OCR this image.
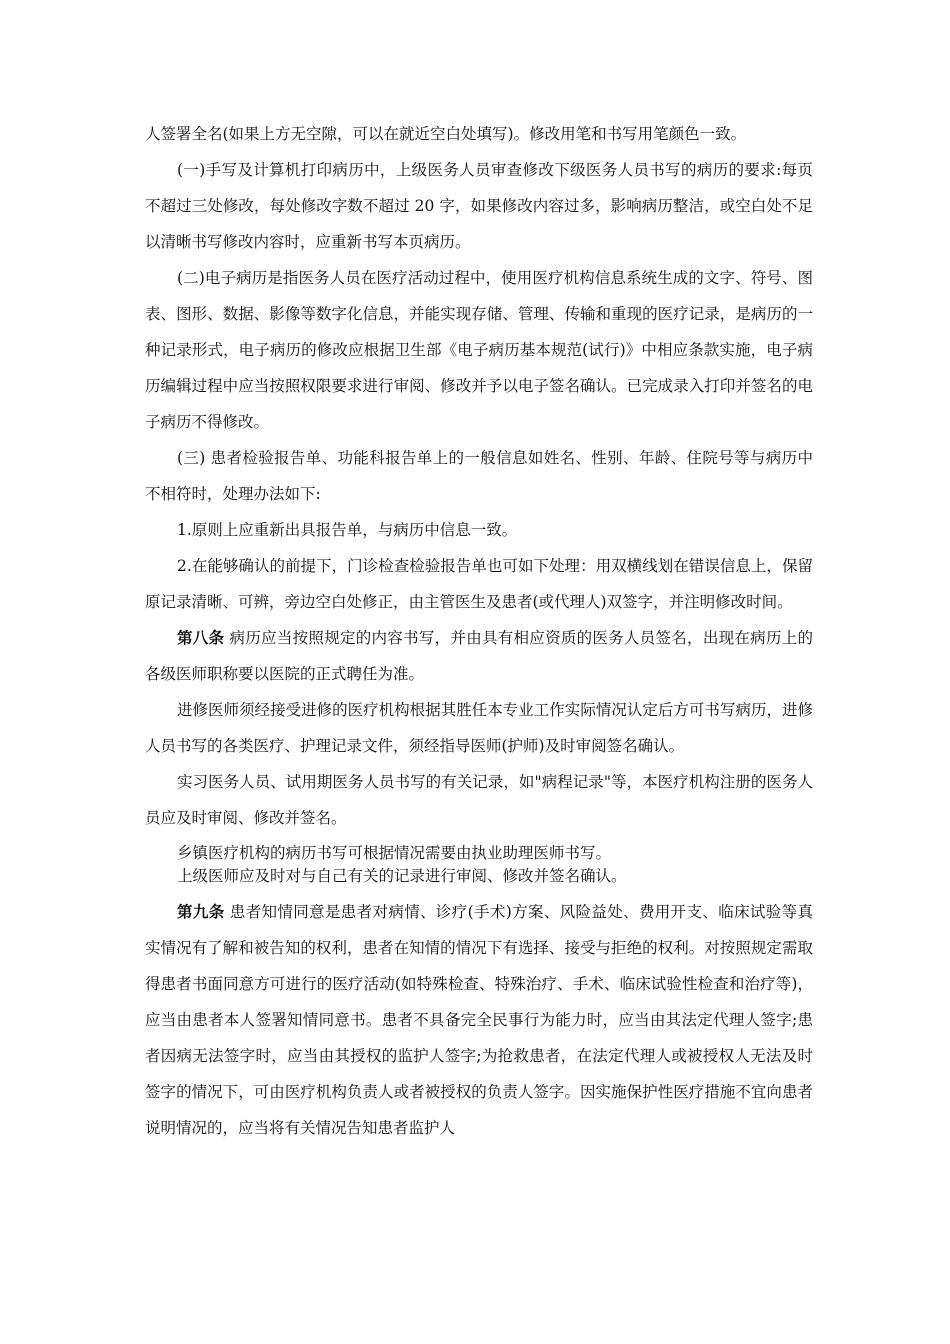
人签署全名(如果上方无空隙，可以在就近空白处填写)。修改用笔和书写用笔颜色一致。

(一)手写及计算机打印病历中，上级医务人员审查修改下级医务人员书写的病历的要求:每页不超过三处修改，每处修改字数不超过 20 字，如果修改内容过多，影响病历整洁，或空白处不足以清晰书写修改内容时，应重新书写本页病历。

(二)电子病历是指医务人员在医疗活动过程中，使用医疗机构信息系统生成的文字、符号、图表、图形、数据、影像等数字化信息，并能实现存储、管理、传输和重现的医疗记录，是病历的一种记录形式，电子病历的修改应根据卫生部《电子病历基本规范(试行)》中相应条款实施，电子病历编辑过程中应当按照权限要求进行审阅、修改并予以电子签名确认。已完成录入打印并签名的电子病历不得修改。

(三) 患者检验报告单、功能科报告单上的一般信息如姓名、性别、年龄、住院号等与病历中不相符时，处理办法如下:

1.原则上应重新出具报告单，与病历中信息一致。

2.在能够确认的前提下，门诊检查检验报告单也可如下处理：用双横线划在错误信息上，保留原记录清晰、可辨，旁边空白处修正，由主管医生及患者(或代理人)双签字，并注明修改时间。

第八条 病历应当按照规定的内容书写，并由具有相应资质的医务人员签名，出现在病历上的各级医师职称要以医院的正式聘任为准。

进修医师须经接受进修的医疗机构根据其胜任本专业工作实际情况认定后方可书写病历，进修人员书写的各类医疗、护理记录文件，须经指导医师(护师)及时审阅签名确认。

实习医务人员、试用期医务人员书写的有关记录，如"病程记录"等，本医疗机构注册的医务人员应及时审阅、修改并签名。

乡镇医疗机构的病历书写可根据情况需要由执业助理医师书写。

上级医师应及时对与自己有关的记录进行审阅、修改并签名确认。

第九条 患者知情同意是患者对病情、诊疗(手术)方案、风险益处、费用开支、临床试验等真实情况有了解和被告知的权利，患者在知情的情况下有选择、接受与拒绝的权利。对按照规定需取得患者书面同意方可进行的医疗活动(如特殊检查、特殊治疗、手术、临床试验性检查和治疗等)，应当由患者本人签署知情同意书。患者不具备完全民事行为能力时，应当由其法定代理人签字;患者因病无法签字时，应当由其授权的监护人签字;为抢救患者，在法定代理人或被授权人无法及时签字的情况下，可由医疗机构负责人或者被授权的负责人签字。因实施保护性医疗措施不宜向患者说明情况的，应当将有关情况告知患者监护人
